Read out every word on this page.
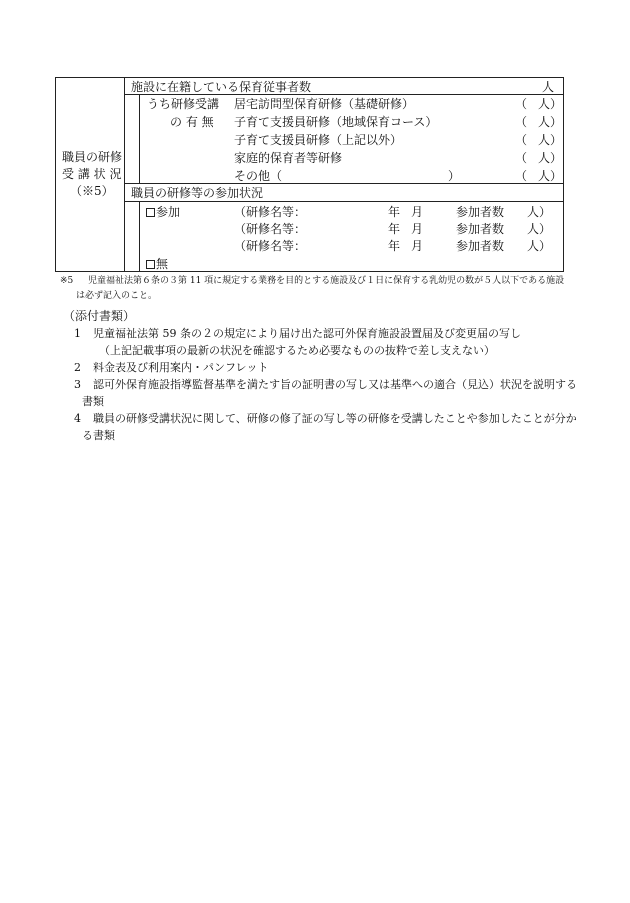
職員の研修
受 講 状 況
（※5）
施設に在籍している保育従事者数	人
うち研修受講
の 有 無
居宅訪問型保育研修（基礎研修）	（ 人）
子育て支援員研修（地域保育コース）	（ 人）
子育て支援員研修（上記以外）	（ 人）
家庭的保育者等研修	（ 人）
その他（	）	（ 人）
職員の研修等の参加状況
参加	（研修名等：	年 月	参加者数 人）
（研修名等：	年 月	参加者数 人）
（研修名等：	年 月	参加者数 人）
無
※5 児童福祉法第６条の３第 11 項に規定する業務を目的とする施設及び１日に保育する乳幼児の数が５人以下である施設
は必ず記入のこと。
（添付書類）
1 児童福祉法第 59 条の２の規定により届け出た認可外保育施設設置届及び変更届の写し
（上記記載事項の最新の状況を確認するため必要なものの抜粋で差し支えない）
2 料金表及び利用案内・パンフレット
3 認可外保育施設指導監督基準を満たす旨の証明書の写し又は基準への適合（見込）状況を説明する
書類
4 職員の研修受講状況に関して、研修の修了証の写し等の研修を受講したことや参加したことが分か
る書類
